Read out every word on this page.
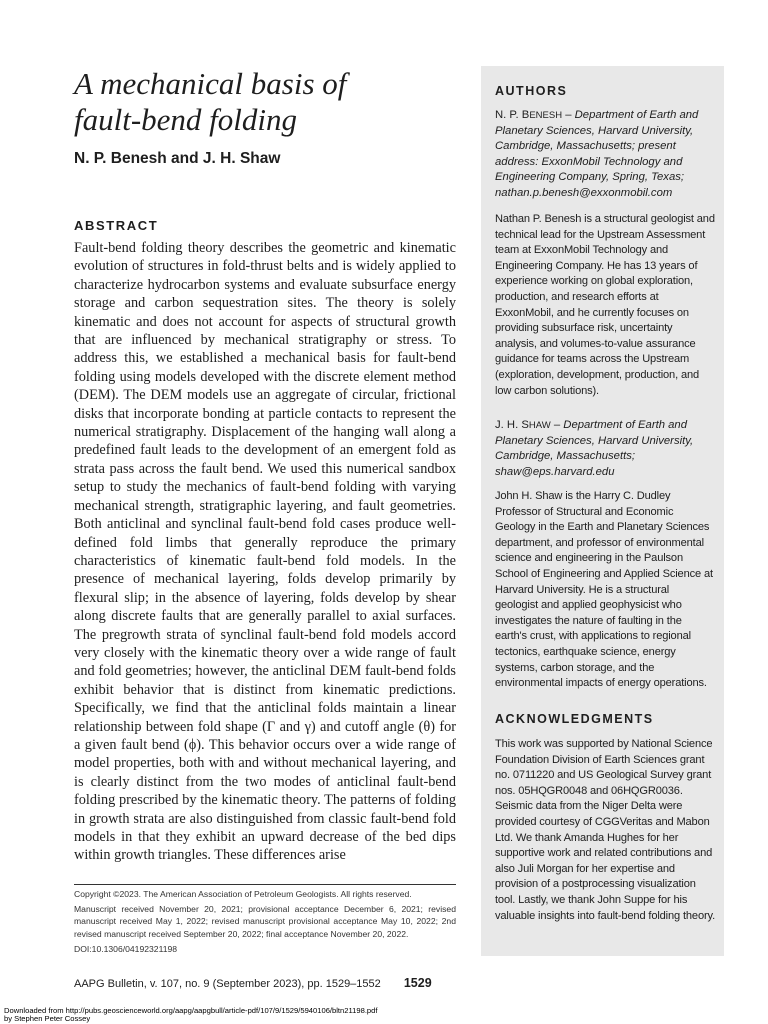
A mechanical basis of
fault-bend folding
N. P. Benesh and J. H. Shaw
ABSTRACT

Fault-bend folding theory describes the geometric and kinematic evolution of structures in fold-thrust belts and is widely applied to characterize hydrocarbon systems and evaluate subsurface energy storage and carbon sequestration sites. The theory is solely kinematic and does not account for aspects of structural growth that are influenced by mechanical stratigraphy or stress. To address this, we established a mechanical basis for fault-bend folding using models developed with the discrete element method (DEM). The DEM models use an aggregate of circular, frictional disks that incorporate bonding at particle contacts to represent the numerical stratigraphy. Displacement of the hanging wall along a predefined fault leads to the development of an emergent fold as strata pass across the fault bend. We used this numerical sandbox setup to study the mechanics of fault-bend folding with varying mechanical strength, stratigraphic layering, and fault geometries. Both anticlinal and synclinal fault-bend fold cases produce well-defined fold limbs that generally reproduce the primary characteristics of kinematic fault-bend fold models. In the presence of mechanical layering, folds develop primarily by flexural slip; in the absence of layering, folds develop by shear along discrete faults that are generally parallel to axial surfaces. The pregrowth strata of synclinal fault-bend fold models accord very closely with the kinematic theory over a wide range of fault and fold geometries; however, the anticlinal DEM fault-bend folds exhibit behavior that is distinct from kinematic predictions. Specifically, we find that the anticlinal folds maintain a linear relationship between fold shape (Γ and γ) and cutoff angle (θ) for a given fault bend (ϕ). This behavior occurs over a wide range of model properties, both with and without mechanical layering, and is clearly distinct from the two modes of anticlinal fault-bend folding prescribed by the kinematic theory. The patterns of folding in growth strata are also distinguished from classic fault-bend fold models in that they exhibit an upward decrease of the bed dips within growth triangles. These differences arise

Copyright ©2023. The American Association of Petroleum Geologists. All rights reserved.

Manuscript received November 20, 2021; provisional acceptance December 6, 2021; revised manuscript received May 1, 2022; revised manuscript provisional acceptance May 10, 2022; 2nd revised manuscript received September 20, 2022; final acceptance November 20, 2022.

DOI:10.1306/04192321198

AAPG Bulletin, v. 107, no. 9 (September 2023), pp. 1529–1552 1529
Downloaded from http://pubs.geoscienceworld.org/aapg/aapgbull/article-pdf/107/9/1529/5940106/bltn21198.pdf
by Stephen Peter Cossey
AUTHORS
N. P. BENESH – Department of Earth and Planetary Sciences, Harvard University, Cambridge, Massachusetts; present address: ExxonMobil Technology and Engineering Company, Spring, Texas;
nathan.p.benesh@exxonmobil.com

Nathan P. Benesh is a structural geologist and technical lead for the Upstream Assessment team at ExxonMobil Technology and Engineering Company. He has 13 years of experience working on global exploration, production, and research efforts at ExxonMobil, and he currently focuses on providing subsurface risk, uncertainty analysis, and volumes-to-value assurance guidance for teams across the Upstream (exploration, development, production, and low carbon solutions).

J. H. SHAW – Department of Earth and Planetary Sciences, Harvard University, Cambridge, Massachusetts;
shaw@eps.harvard.edu

John H. Shaw is the Harry C. Dudley Professor of Structural and Economic Geology in the Earth and Planetary Sciences department, and professor of environmental science and engineering in the Paulson School of Engineering and Applied Science at Harvard University. He is a structural geologist and applied geophysicist who investigates the nature of faulting in the earth's crust, with applications to regional tectonics, earthquake science, energy systems, carbon storage, and the environmental impacts of energy operations.

ACKNOWLEDGMENTS

This work was supported by National Science Foundation Division of Earth Sciences grant no. 0711220 and US Geological Survey grant nos. 05HQGR0048 and 06HQGR0036. Seismic data from the Niger Delta were provided courtesy of CGGVeritas and Mabon Ltd. We thank Amanda Hughes for her supportive work and related contributions and also Juli Morgan for her expertise and provision of a postprocessing visualization tool. Lastly, we thank John Suppe for his valuable insights into fault-bend folding theory.
